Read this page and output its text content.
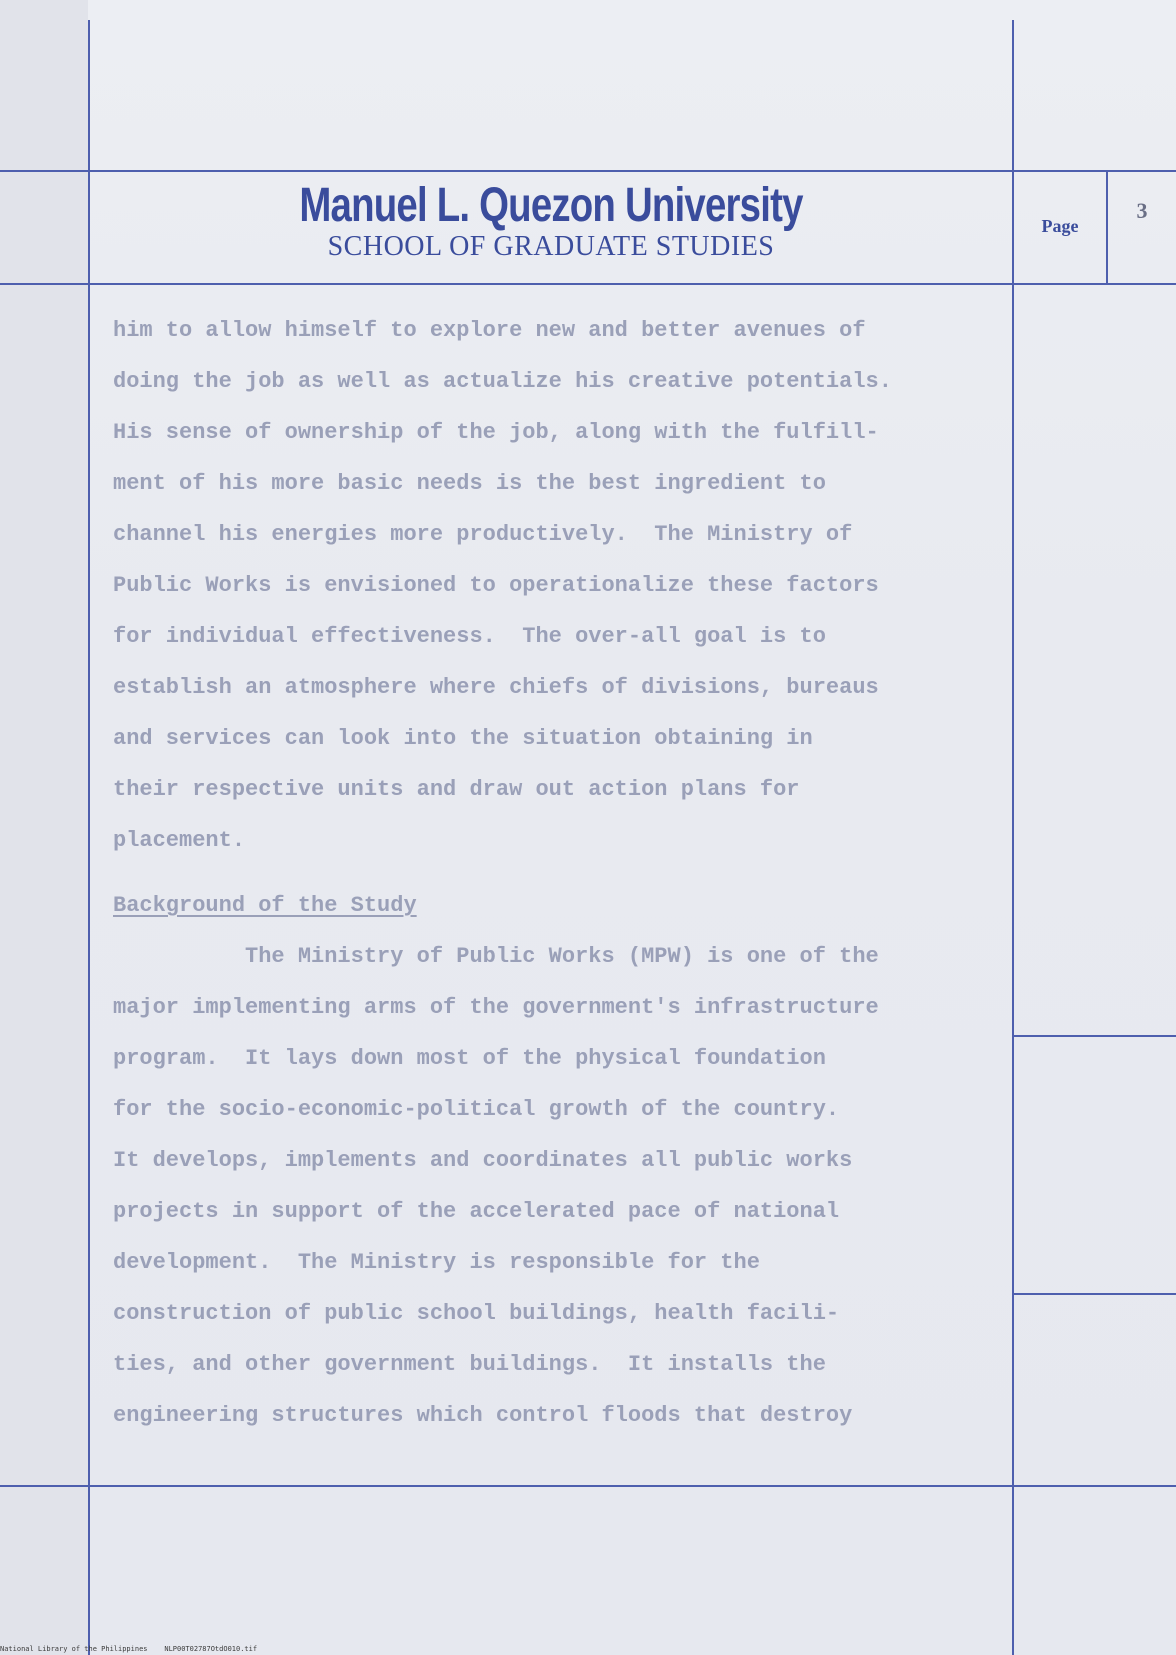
Manuel L. Quezon University
SCHOOL OF GRADUATE STUDIES
Page
3
him to allow himself to explore new and better avenues of
doing the job as well as actualize his creative potentials.
His sense of ownership of the job, along with the fulfill-
ment of his more basic needs is the best ingredient to
channel his energies more productively.  The Ministry of
Public Works is envisioned to operationalize these factors
for individual effectiveness.  The over-all goal is to
establish an atmosphere where chiefs of divisions, bureaus
and services can look into the situation obtaining in
their respective units and draw out action plans for
placement.
Background of the Study
The Ministry of Public Works (MPW) is one of the
major implementing arms of the government's infrastructure
program.  It lays down most of the physical foundation
for the socio-economic-political growth of the country.
It develops, implements and coordinates all public works
projects in support of the accelerated pace of national
development.  The Ministry is responsible for the
construction of public school buildings, health facili-
ties, and other government buildings.  It installs the
engineering structures which control floods that destroy
National Library of the Philippines    NLP00T02787OtdO010.tif
